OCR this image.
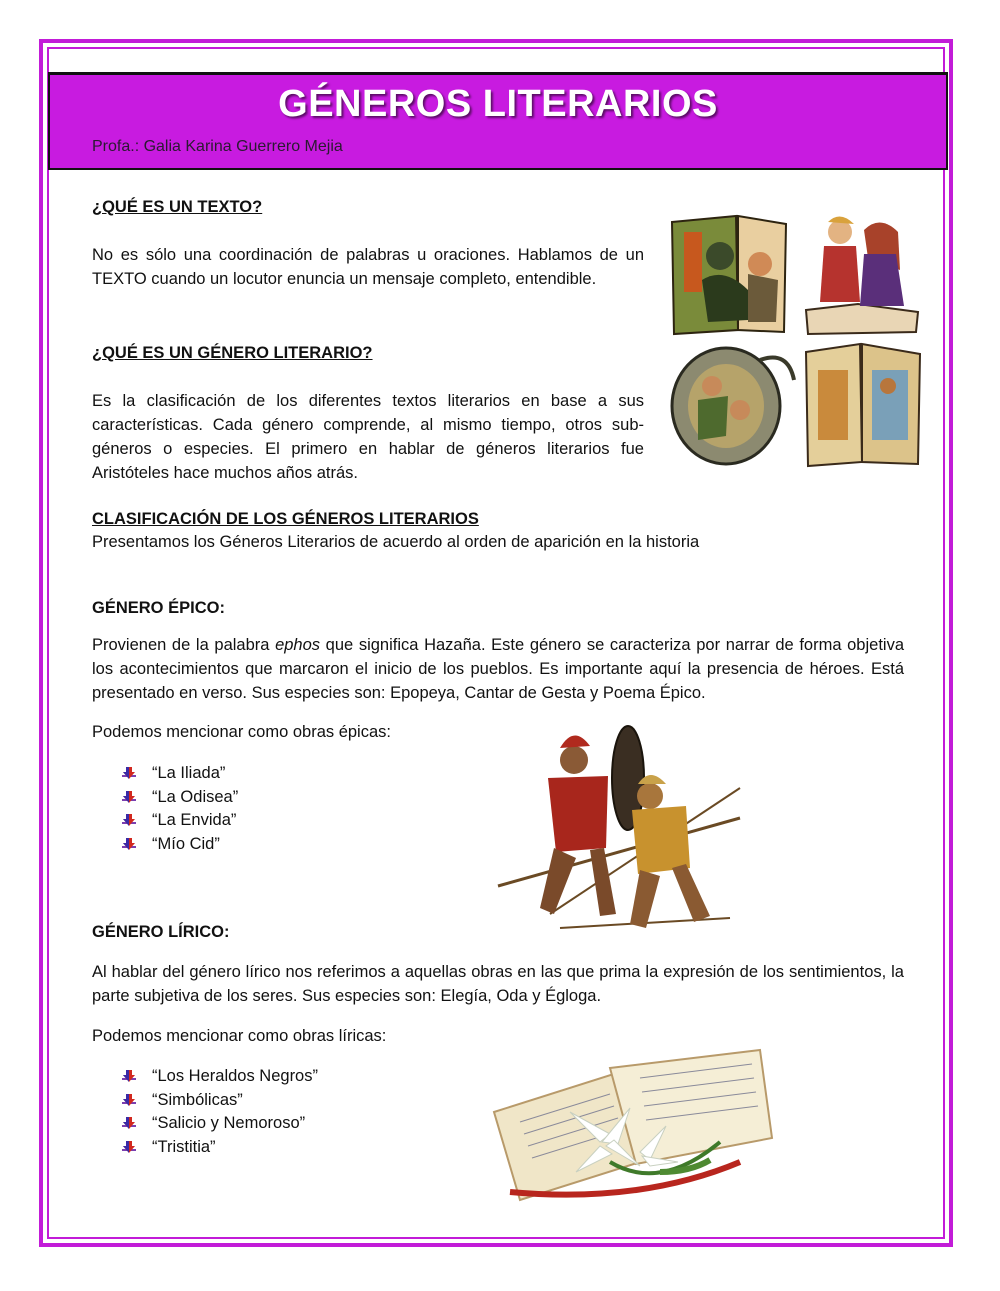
GÉNEROS LITERARIOS
Profa.: Galia Karina Guerrero Mejia
¿QUÉ ES UN TEXTO?
No es sólo una coordinación de palabras u oraciones. Hablamos de un TEXTO cuando un locutor enuncia un mensaje completo, entendible.
¿QUÉ ES UN GÉNERO LITERARIO?
Es la clasificación de los diferentes textos literarios en base a sus características. Cada género comprende, al mismo tiempo, otros sub-géneros o especies. El primero en hablar de géneros literarios fue Aristóteles hace muchos años atrás.
CLASIFICACIÓN DE LOS GÉNEROS LITERARIOS
Presentamos los Géneros Literarios de acuerdo al orden de aparición en la historia
GÉNERO ÉPICO:
Provienen de la palabra ephos que significa Hazaña. Este género se caracteriza por narrar de forma objetiva los acontecimientos que marcaron el inicio de los pueblos. Es importante aquí la presencia de héroes. Está presentado en verso. Sus especies son: Epopeya, Cantar de Gesta y Poema Épico.
Podemos mencionar como obras épicas:
“La Iliada”
“La Odisea”
“La Envida”
“Mío Cid”
GÉNERO LÍRICO:
Al hablar del género lírico nos referimos a aquellas obras en las que prima la expresión de los sentimientos, la parte subjetiva de los seres. Sus especies son: Elegía, Oda y Égloga.
Podemos mencionar como obras líricas:
“Los Heraldos Negros”
“Simbólicas”
“Salicio y Nemoroso”
“Tristitia”
